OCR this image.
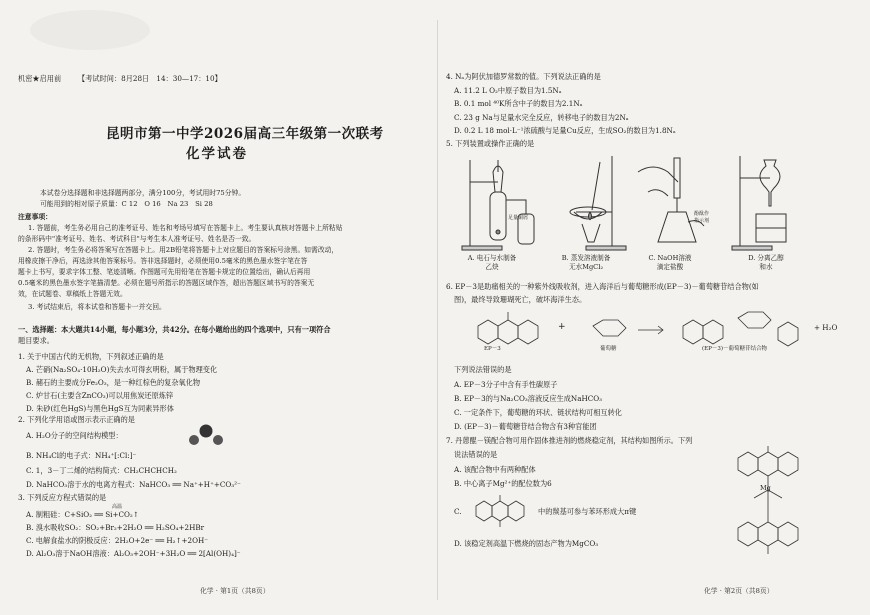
机密★启用前 【考试时间：8月28日　14：30—17：10】
昆明市第一中学2026届高三年级第一次联考
化学试卷
本试卷分选择题和非选择题两部分，满分100分，考试用时75分钟。
可能用到的相对原子质量：C 12　O 16　Na 23　Si 28
注意事项：
1. 答题前，考生务必用自己的准考证号、姓名和考场号填写在答题卡上。考生要认真核对答题卡上所粘贴
的条形码中"准考证号、姓名、考试科目"与考生本人准考证号、姓名是否一致。
2. 答题时，考生务必将答案写在答题卡上。用2B铅笔将答题卡上对应题目的答案标号涂黑。如需改动，
用橡皮擦干净后，再选涂其他答案标号。答非选择题时，必须使用0.5毫米的黑色墨水签字笔在答
题卡上书写，要求字体工整、笔迹清晰。作图题可先用铅笔在答题卡规定的位置绘出，确认后再用
0.5毫米的黑色墨水签字笔描清楚。必须在题号所指示的答题区域作答，超出答题区域书写的答案无
效，在试题卷、草稿纸上答题无效。
3. 考试结束后，将本试卷和答题卡一并交回。
一、选择题：本大题共14小题，每小题3分，共42分。在每小题给出的四个选项中，只有一项符合
题目要求。
1. 关于中国古代的无机物，下列叙述正确的是
A. 芒硝(Na₂SO₄·10H₂O)失去水可得玄明粉，属于物理变化
B. 赭石的主要成分Fe₂O₃，是一种红棕色的复杂氧化物
C. 炉甘石(主要含ZnCO₃)可以用焦炭还原炼锌
D. 朱砂(红色HgS)与黑色HgS互为同素异形体
2. 下列化学用语或图示表示正确的是
A. H₂O分子的空间结构模型：
B. NH₄Cl的电子式：NH₄⁺[:Cl:]⁻
C. 1，3－丁二烯的结构简式：CH₂CHCHCH₂
D. NaHCO₃溶于水的电离方程式：NaHCO₃ ══ Na⁺+H⁺+CO₃²⁻
3. 下列反应方程式错误的是
高温
A. 制粗硅：C+SiO₂ ══ Si+CO₂↑
B. 溴水吸收SO₂：SO₂+Br₂+2H₂O ══ H₂SO₄+2HBr
C. 电解食盐水的阴极反应：2H₂O+2e⁻ ══ H₂↑+2OH⁻
D. Al₂O₃溶于NaOH溶液：Al₂O₃+2OH⁻+3H₂O ══ 2[Al(OH)₄]⁻
化学 · 第1页（共8页）
4. Nₐ为阿伏加德罗常数的值。下列说法正确的是
A. 11.2 L O₂中原子数目为1.5Nₐ
B. 0.1 mol ⁴⁰K所含中子的数目为2.1Nₐ
C. 23 g Na与足量水完全反应，转移电子的数目为2Nₐ
D. 0.2 L 18 mol·L⁻¹浓硫酸与足量Cu反应，生成SO₂的数目为1.8Nₐ
5. 下列装置或操作正确的是
足量铜屑
酚酞作
指示剂
A. 电石与水制备
乙炔
B. 蒸发溶液制备
无水MgCl₂
C. NaOH溶液
滴定盐酸
D. 分离乙醇
和水
6. EP－3是助痛相关的一种紫外线吸收剂，进入海洋后与葡萄糖形成(EP－3)－葡萄糖苷结合物(如
图)，最终导致珊瑚死亡，破坏海洋生态。
EP－3
+
葡萄糖	(EP－3)－葡萄糖苷结合物
+ H₂O
下列说法错误的是
A. EP－3分子中含有手性碳原子
B. EP－3的与Na₂CO₃溶液反应生成NaHCO₃
C. 一定条件下，葡萄糖的环状、链状结构可相互转化
D. (EP－3)－葡萄糖苷结合物含有3种官能团
7. 丹蒽醌－镁配合物可用作固体推进剂的燃烧稳定剂，其结构如图所示。下列
说法错误的是
A. 该配合物中有两种配体
B. 中心离子Mg²⁺的配位数为6
C.	中的羰基可参与苯环形成大π键
D. 该稳定剂高温下燃烧的固态产物为MgCO₃
Mg
化学 · 第2页（共8页）
